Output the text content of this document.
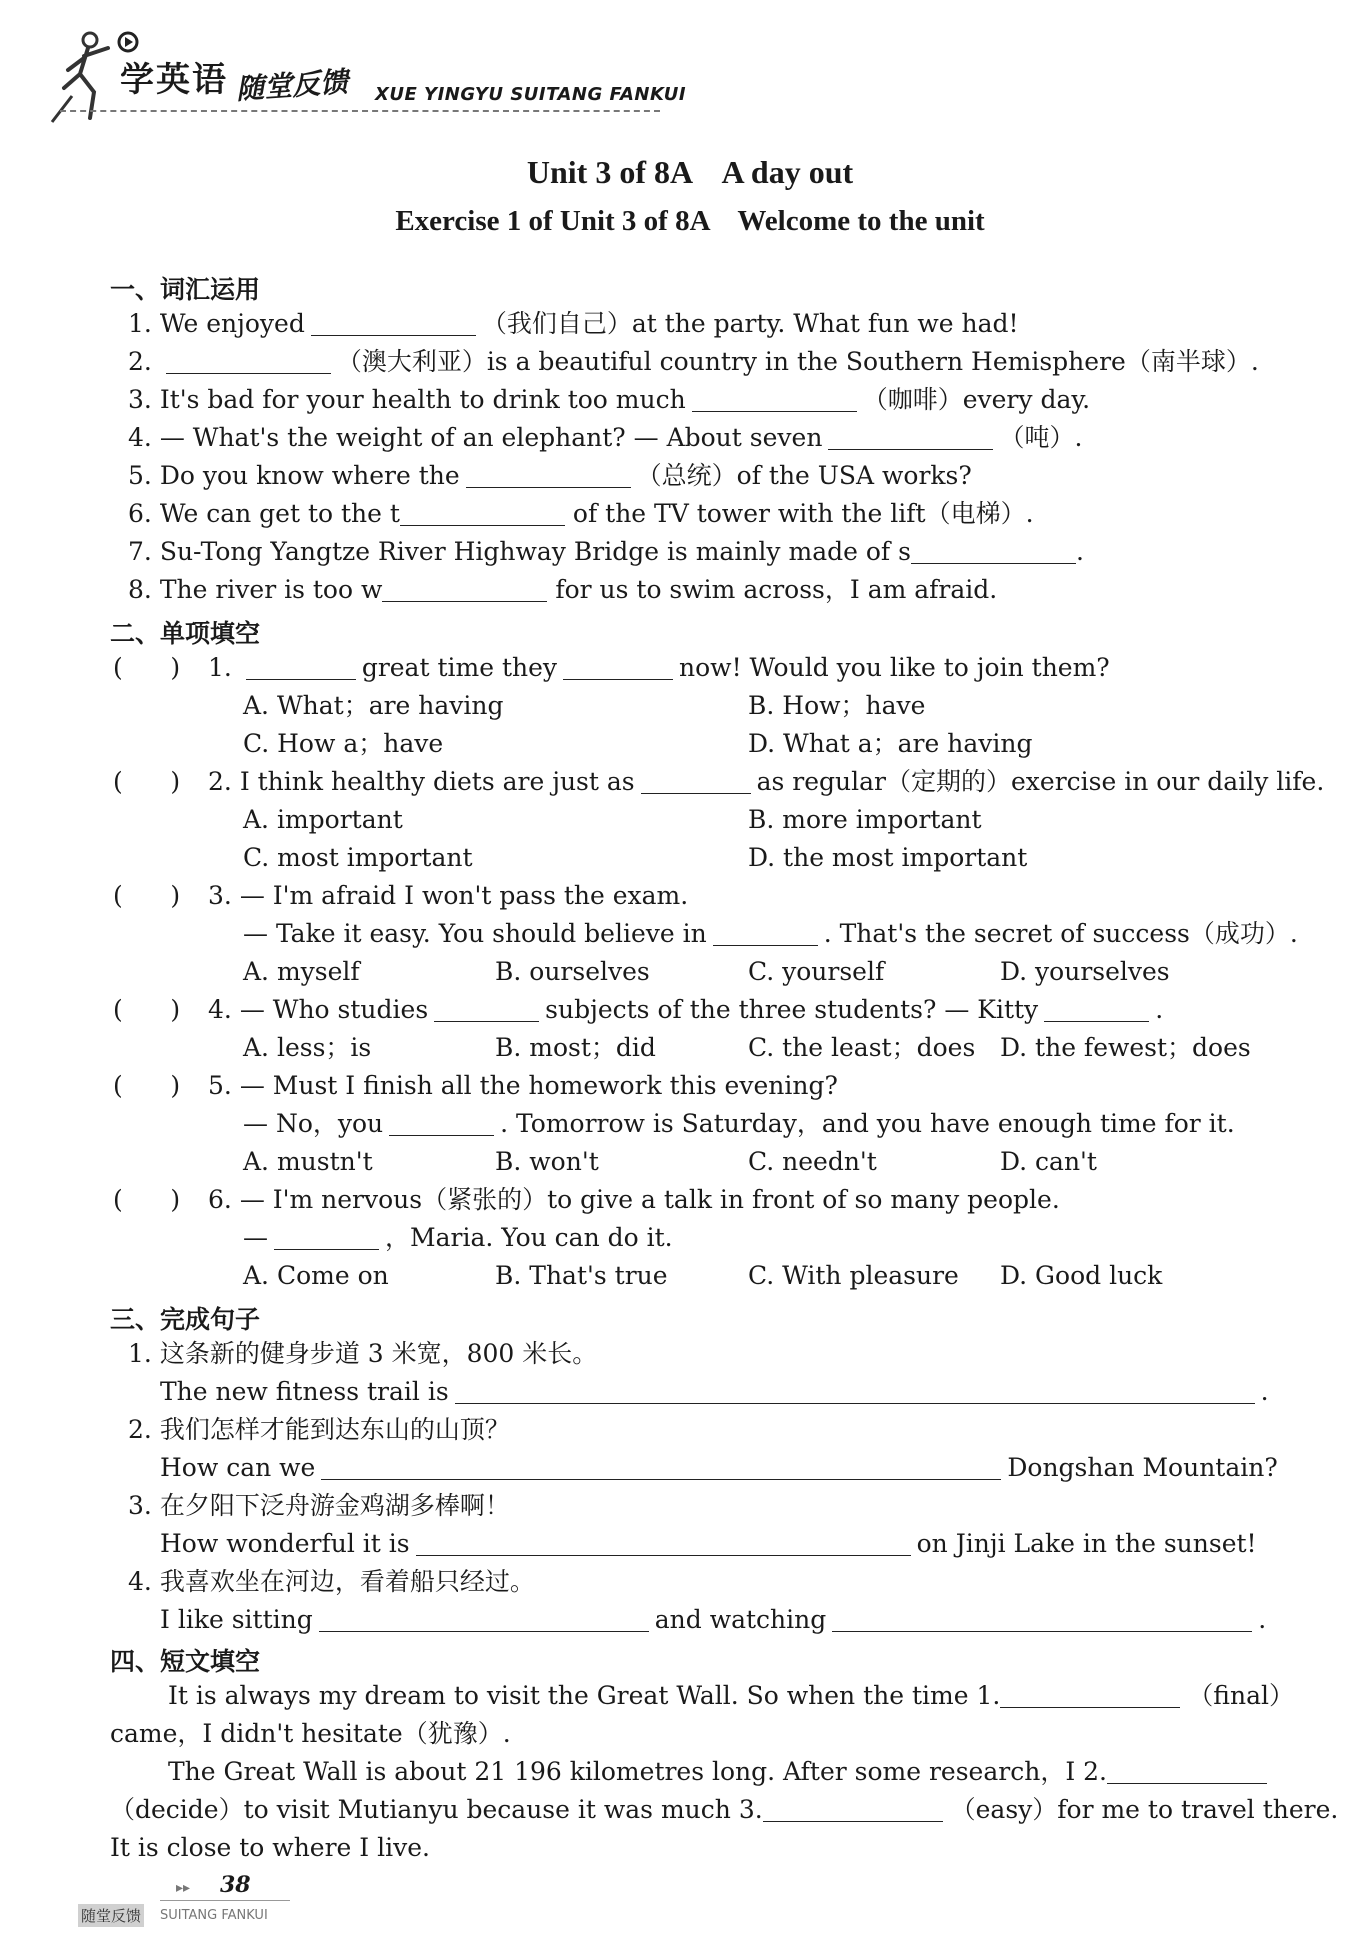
学英语 随堂反馈 XUE YINGYU SUITANG FANKUI
Unit 3 of 8A    A day out
Exercise 1 of Unit 3 of 8A    Welcome to the unit
一、词汇运用
1. We enjoyed	（我们自己）at the party. What fun we had!
2.	（澳大利亚）is a beautiful country in the Southern Hemisphere（南半球）.
3. It's bad for your health to drink too much	（咖啡）every day.
4. — What's the weight of an elephant? — About seven	（吨）.
5. Do you know where the	（总统）of the USA works?
6. We can get to the t	of the TV tower with the lift（电梯）.
7. Su-Tong Yangtze River Highway Bridge is mainly made of s	.
8. The river is too w	for us to swim across，I am afraid.
二、单项填空
(      ) 1.	great time they	now! Would you like to join them?
A. What；are having	B. How；have
C. How a；have	D. What a；are having
(      ) 2. I think healthy diets are just as	as regular（定期的）exercise in our daily life.
A. important	B. more important
C. most important	D. the most important
(      ) 3. — I'm afraid I won't pass the exam.
— Take it easy. You should believe in	. That's the secret of success（成功）.
A. myself	B. ourselves	C. yourself	D. yourselves
(      ) 4. — Who studies	subjects of the three students? — Kitty	.
A. less；is	B. most；did	C. the least；does D. the fewest；does
(      ) 5. — Must I finish all the homework this evening?
— No，you	. Tomorrow is Saturday，and you have enough time for it.
A. mustn't	B. won't	C. needn't	D. can't
(      ) 6. — I'm nervous（紧张的）to give a talk in front of so many people.
—	，Maria. You can do it.
A. Come on	B. That's true	C. With pleasure D. Good luck
三、完成句子
1. 这条新的健身步道 3 米宽，800 米长。
The new fitness trail is	.
2. 我们怎样才能到达东山的山顶？
How can we	Dongshan Mountain?
3. 在夕阳下泛舟游金鸡湖多棒啊！
How wonderful it is	on Jinji Lake in the sunset!
4. 我喜欢坐在河边，看着船只经过。
I like sitting	and watching	.
四、短文填空
It is always my dream to visit the Great Wall. So when the time 1.	（final）
came，I didn't hesitate（犹豫）.
The Great Wall is about 21 196 kilometres long. After some research，I 2.
（decide）to visit Mutianyu because it was much 3.	（easy）for me to travel there.
It is close to where I live.
▸▸ 38
随堂反馈 SUITANG FANKUI
